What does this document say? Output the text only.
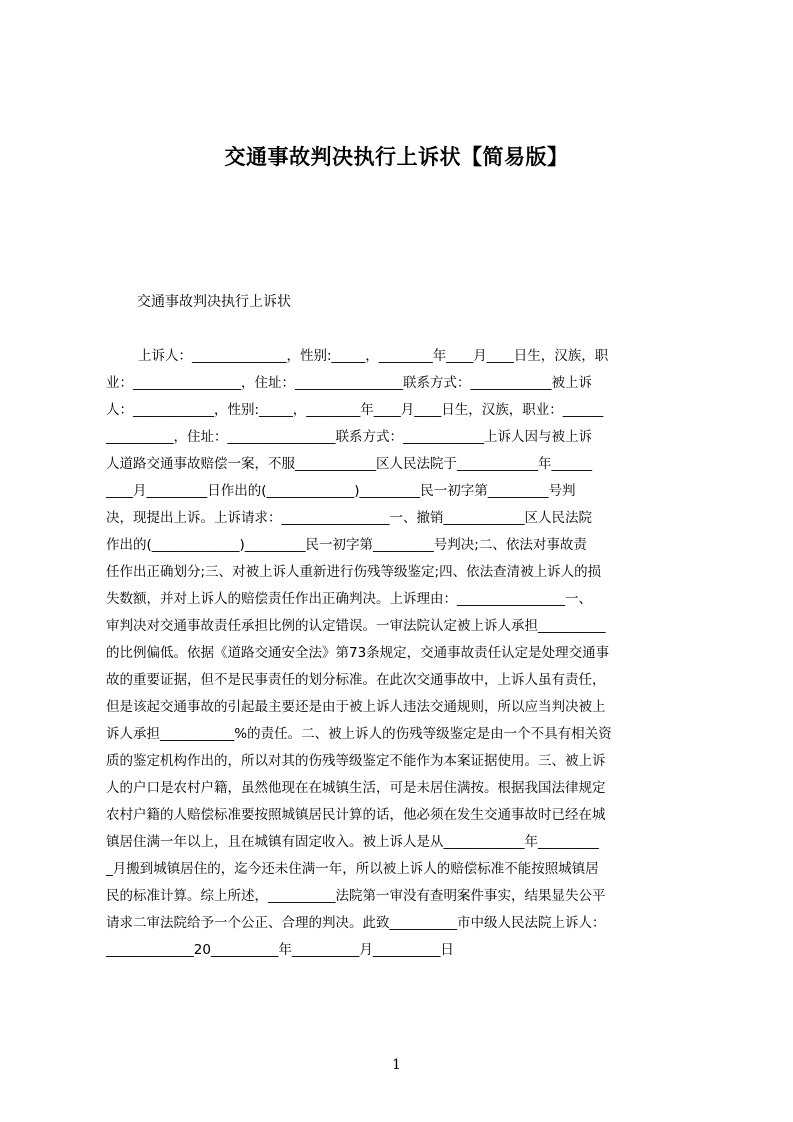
交通事故判决执行上诉状【简易版】
交通事故判决执行上诉状
上诉人：______________，性别:_____，________年____月____日生，汉族，职
业：________________，住址：________________联系方式：____________被上诉
人：____________，性别:_____，________年____月____日生，汉族，职业：______
__________，住址：________________联系方式：____________上诉人因与被上诉
人道路交通事故赔偿一案，不服____________区人民法院于____________年______
____月_________日作出的(_____________)_________民一初字第_________号判
决，现提出上诉。上诉请求：________________一、撤销____________区人民法院
作出的(_____________)_________民一初字第_________号判决;二、依法对事故责
任作出正确划分;三、对被上诉人重新进行伤残等级鉴定;四、依法查清被上诉人的损
失数额，并对上诉人的赔偿责任作出正确判决。上诉理由：________________一、
审判决对交通事故责任承担比例的认定错误。一审法院认定被上诉人承担__________
的比例偏低。依据《道路交通安全法》第73条规定，交通事故责任认定是处理交通事
故的重要证据，但不是民事责任的划分标准。在此次交通事故中，上诉人虽有责任，
但是该起交通事故的引起最主要还是由于被上诉人违法交通规则，所以应当判决被上
诉人承担___________%的责任。二、被上诉人的伤残等级鉴定是由一个不具有相关资
质的鉴定机构作出的，所以对其的伤残等级鉴定不能作为本案证据使用。三、被上诉
人的户口是农村户籍，虽然他现在在城镇生活，可是未居住满按。根据我国法律规定
农村户籍的人赔偿标准要按照城镇居民计算的话，他必须在发生交通事故时已经在城
镇居住满一年以上，且在城镇有固定收入。被上诉人是从____________年_________
_月搬到城镇居住的，迄今还未住满一年，所以被上诉人的赔偿标准不能按照城镇居
民的标准计算。综上所述，__________法院第一审没有查明案件事实，结果显失公平
请求二审法院给予一个公正、合理的判决。此致__________市中级人民法院上诉人：
_____________20__________年__________月__________日
1
